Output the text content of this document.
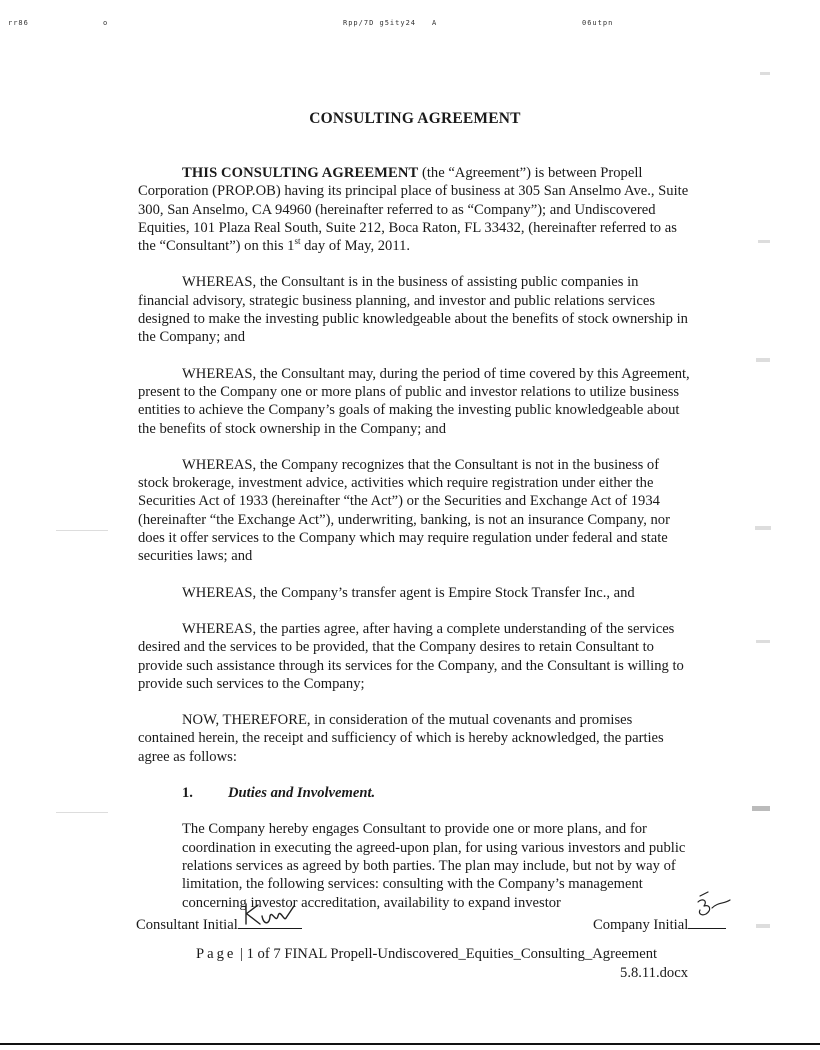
rr86	o	Rpp/7D g5ity24 A	06utpn
CONSULTING AGREEMENT

THIS CONSULTING AGREEMENT (the “Agreement”) is between Propell Corporation (PROP.OB) having its principal place of business at 305 San Anselmo Ave., Suite 300, San Anselmo, CA 94960 (hereinafter referred to as “Company”); and Undiscovered Equities, 101 Plaza Real South, Suite 212, Boca Raton, FL 33432, (hereinafter referred to as the “Consultant”) on this 1st day of May, 2011.

WHEREAS, the Consultant is in the business of assisting public companies in financial advisory, strategic business planning, and investor and public relations services designed to make the investing public knowledgeable about the benefits of stock ownership in the Company; and

WHEREAS, the Consultant may, during the period of time covered by this Agreement, present to the Company one or more plans of public and investor relations to utilize business entities to achieve the Company’s goals of making the investing public knowledgeable about the benefits of stock ownership in the Company; and

WHEREAS, the Company recognizes that the Consultant is not in the business of stock brokerage, investment advice, activities which require registration under either the Securities Act of 1933 (hereinafter “the Act”) or the Securities and Exchange Act of 1934 (hereinafter “the Exchange Act”), underwriting, banking, is not an insurance Company, nor does it offer services to the Company which may require regulation under federal and state securities laws; and

WHEREAS, the Company’s transfer agent is Empire Stock Transfer Inc., and

WHEREAS, the parties agree, after having a complete understanding of the services desired and the services to be provided, that the Company desires to retain Consultant to provide such assistance through its services for the Company, and the Consultant is willing to provide such services to the Company;

NOW, THEREFORE, in consideration of the mutual covenants and promises contained herein, the receipt and sufficiency of which is hereby acknowledged, the parties agree as follows:

1. Duties and Involvement.

The Company hereby engages Consultant to provide one or more plans, and for coordination in executing the agreed-upon plan, for using various investors and public relations services as agreed by both parties. The plan may include, but not by way of limitation, the following services: consulting with the Company’s management concerning investor accreditation, availability to expand investor

Consultant Initial	Company Initial
Page | 1 of 7 FINAL Propell-Undiscovered_Equities_Consulting_Agreement
5.8.11.docx
